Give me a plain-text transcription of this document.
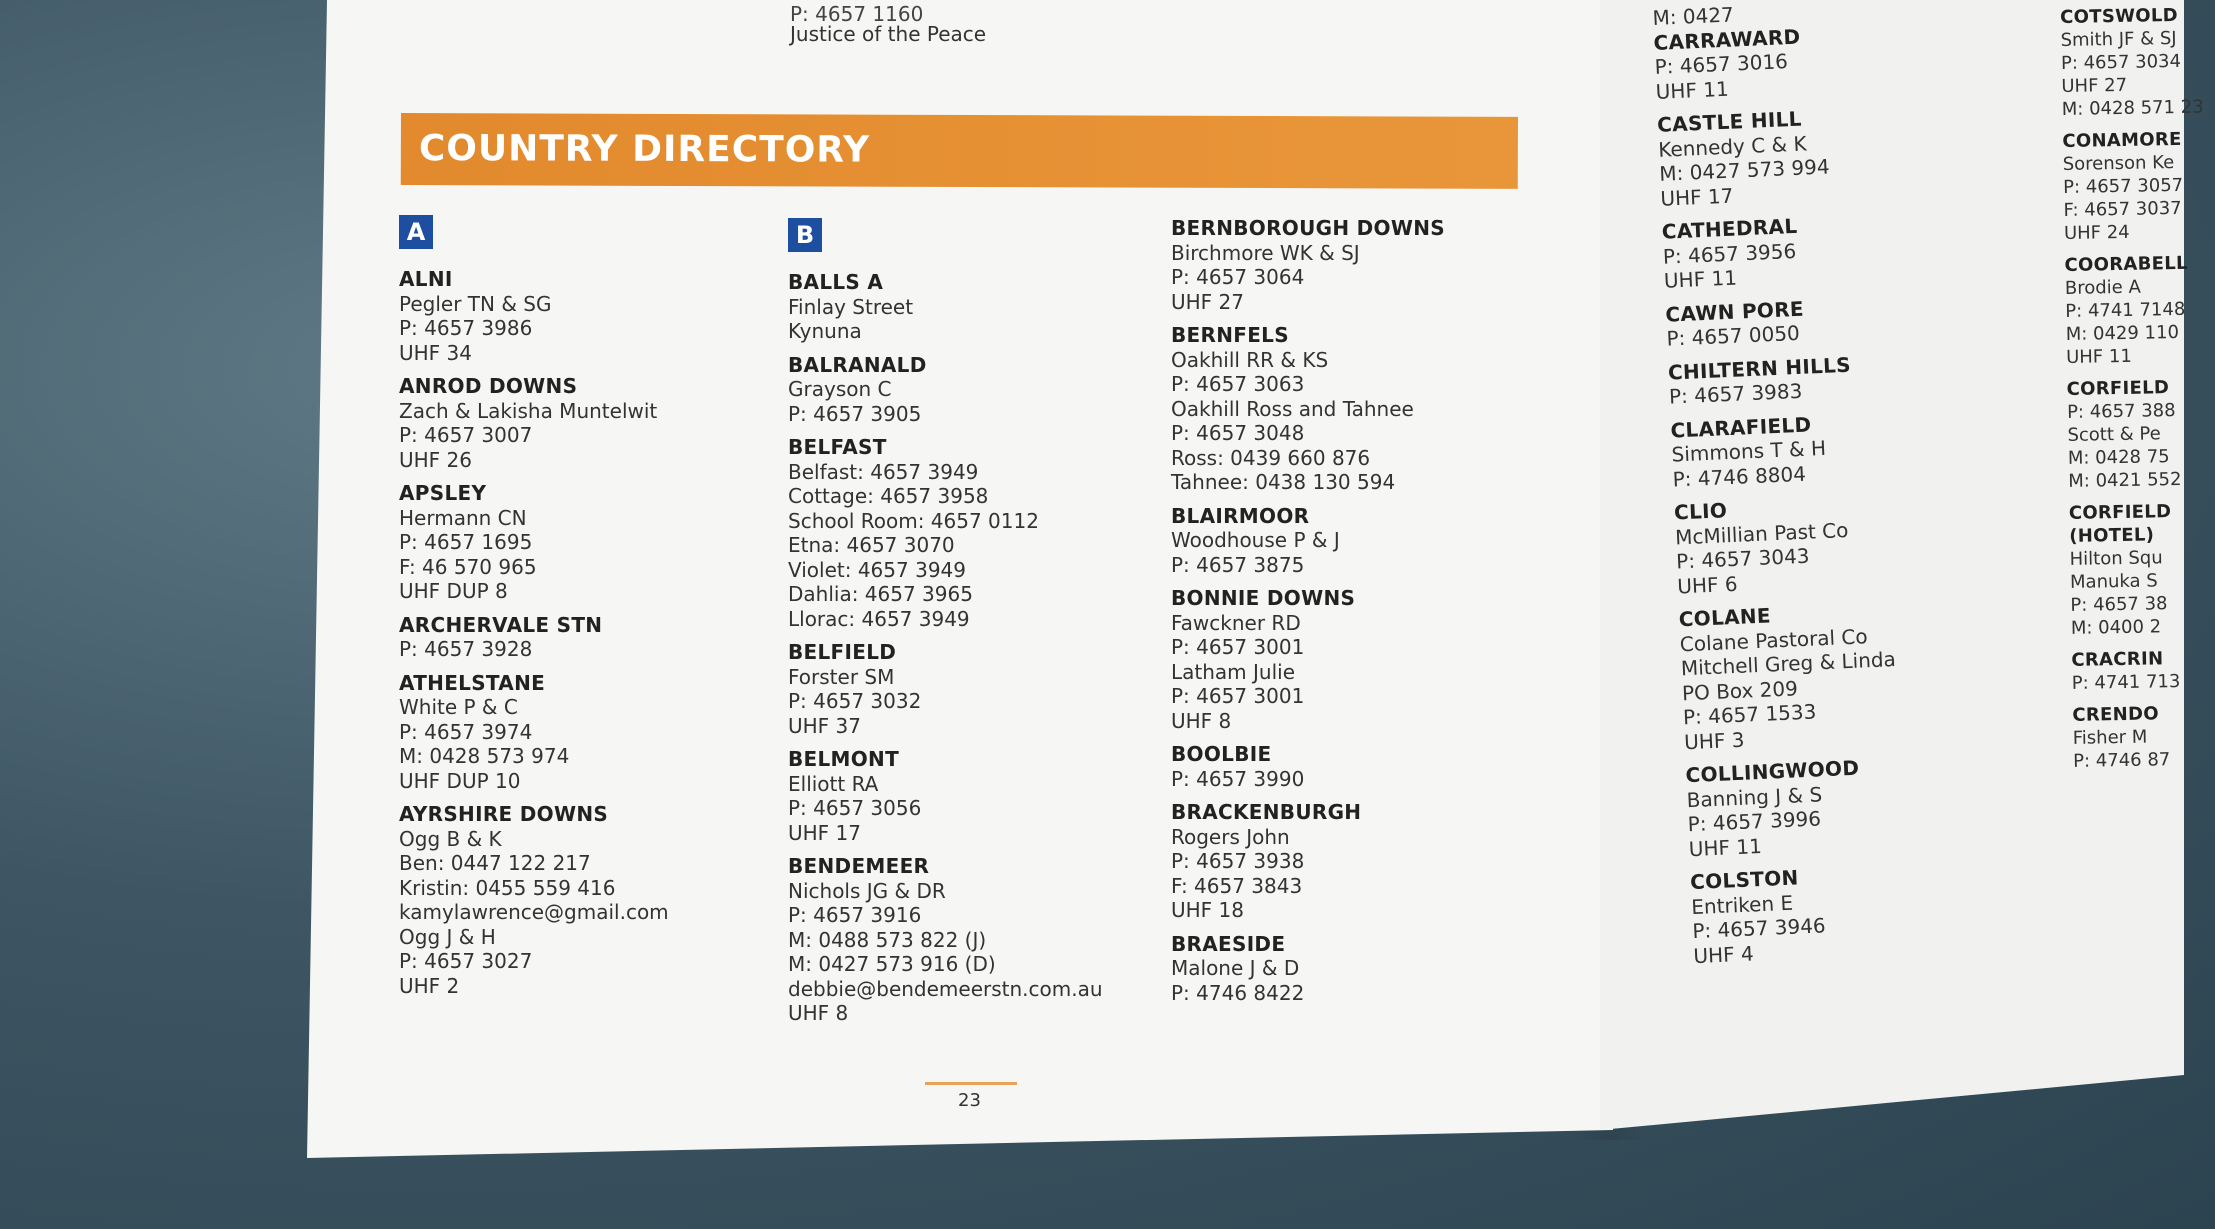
P: 4657 1160
Justice of the Peace
COUNTRY DIRECTORY
A
ALNI
Pegler TN & SG
P: 4657 3986
UHF 34
ANROD DOWNS
Zach & Lakisha Muntelwit
P: 4657 3007
UHF 26
APSLEY
Hermann CN
P: 4657 1695
F: 46 570 965
UHF DUP 8
ARCHERVALE STN
P: 4657 3928
ATHELSTANE
White P & C
P: 4657 3974
M: 0428 573 974
UHF DUP 10
AYRSHIRE DOWNS
Ogg B & K
Ben: 0447 122 217
Kristin: 0455 559 416
kamylawrence@gmail.com
Ogg J & H
P: 4657 3027
UHF 2
B
BALLS A
Finlay Street
Kynuna
BALRANALD
Grayson C
P: 4657 3905
BELFAST
Belfast: 4657 3949
Cottage: 4657 3958
School Room: 4657 0112
Etna: 4657 3070
Violet: 4657 3949
Dahlia: 4657 3965
Llorac: 4657 3949
BELFIELD
Forster SM
P: 4657 3032
UHF 37
BELMONT
Elliott RA
P: 4657 3056
UHF 17
BENDEMEER
Nichols JG & DR
P: 4657 3916
M: 0488 573 822 (J)
M: 0427 573 916 (D)
debbie@bendemeerstn.com.au
UHF 8
BERNBOROUGH DOWNS
Birchmore WK & SJ
P: 4657 3064
UHF 27
BERNFELS
Oakhill RR & KS
P: 4657 3063
Oakhill Ross and Tahnee
P: 4657 3048
Ross: 0439 660 876
Tahnee: 0438 130 594
BLAIRMOOR
Woodhouse P & J
P: 4657 3875
BONNIE DOWNS
Fawckner RD
P: 4657 3001
Latham Julie
P: 4657 3001
UHF 8
BOOLBIE
P: 4657 3990
BRACKENBURGH
Rogers John
P: 4657 3938
F: 4657 3843
UHF 18
BRAESIDE
Malone J & D
P: 4746 8422
23
M: 0427
CARRAWARD
P: 4657 3016
UHF 11
CASTLE HILL
Kennedy C & K
M: 0427 573 994
UHF 17
CATHEDRAL
P: 4657 3956
UHF 11
CAWN PORE
P: 4657 0050
CHILTERN HILLS
P: 4657 3983
CLARAFIELD
Simmons T & H
P: 4746 8804
CLIO
McMillian Past Co
P: 4657 3043
UHF 6
COLANE
Colane Pastoral Co
Mitchell Greg & Linda
PO Box 209
P: 4657 1533
UHF 3
COLLINGWOOD
Banning J & S
P: 4657 3996
UHF 11
COLSTON
Entriken E
P: 4657 3946
UHF 4
COTSWOLD
Smith JF & SJ
P: 4657 3034
UHF 27
M: 0428 571 23
CONAMORE
Sorenson Ke
P: 4657 3057
F: 4657 3037
UHF 24
COORABELL
Brodie A
P: 4741 7148
M: 0429 110
UHF 11
CORFIELD
P: 4657 388
Scott & Pe
M: 0428 75
M: 0421 552
CORFIELD (HOTEL)
Hilton Squ
Manuka S
P: 4657 38
M: 0400 2
CRACRIN
P: 4741 713
CRENDO
Fisher M
P: 4746 87
